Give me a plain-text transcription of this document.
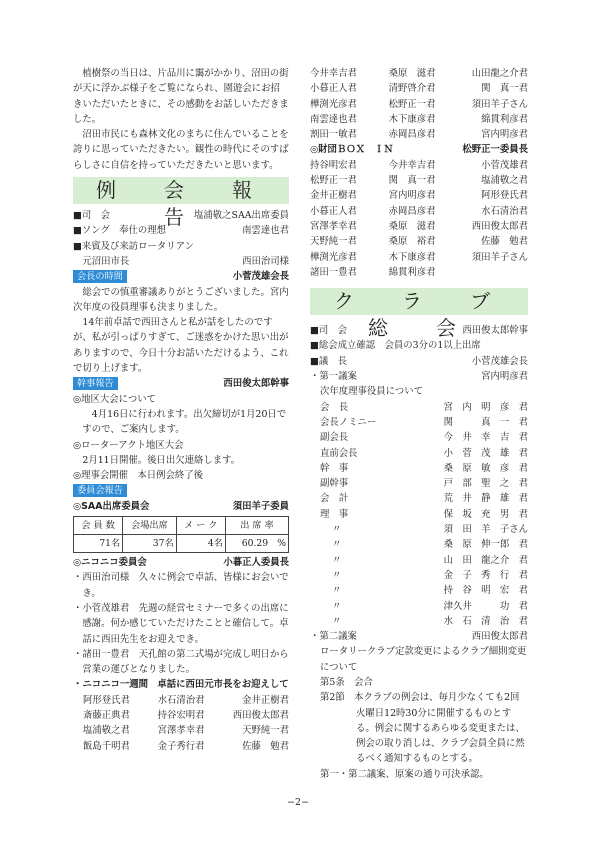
植樹祭の当日は、片品川に靄がかかり、沼田の街が天に浮かぶ様子をご覧になられ、園遊会にお招きいただいたときに、その感動をお話しいただきました。

沼田市民にも森林文化のまちに住んでいることを誇りに思っていただきたい。観性の時代にそのすばらしさに自信を持っていただきたいと思います。

例　会　報　告
■司　会	塩浦敬之SAA出席委員
■ソング　奉仕の理想	南雲達也君
■来賓及び来訪ロータリアン
　元沼田市長	西田治司様
会長の時間	小菅茂雄会長

総会での慎重審議ありがとうございました。宮内次年度の役員理事も決まりました。

14年前卓話で西田さんと私が話をしたのですが、私が引っぱりすぎて、ご迷惑をかけた思い出がありますので、今日十分お話いただけるよう、これで切り上げます。

幹事報告	西田俊太郎幹事
◎地区大会について
　4月16日に行われます。出欠締切が1月20日ですので、ご案内します。
◎ローターアクト地区大会
　2月11日開催。後日出欠連絡します。
◎理事会開催　本日例会終了後
委員会報告
◎SAA出席委員会	須田羊子委員
会 員 数	会場出席	メ ー ク	出 席 率
71名	37名	4名	60.29　%
◎ニコニコ委員会	小暮正人委員長
・西田治司様　久々に例会で卓話、皆様にお会いでき。
・小菅茂雄君　先週の経営セミナーで多くの出席に感謝。何か感じていただけたことと確信して。卓話に西田先生をお迎えでき。
・諸田一豊君　天孔館の第二式場が完成し明日から営業の運びとなりました。
・ニコニコ一週間　卓話に西田元市長をお迎えして
阿形登氏君	水石清治君	金井正樹君
斎藤正典君	持谷宏明君	西田俊太郎君
塩浦敬之君	宮澤孝幸君	天野純一君
飯島千明君	金子秀行君	佐藤　勉君
今井幸吉君	桑原　滋君	山田龍之介君
小暮正人君	清野啓介君	関　真一君
樺渕光彦君	松野正一君	須田羊子さん
南雲達也君	木下康彦君	綿貫利彦君
割田一敏君	赤岡昌彦君	宮内明彦君
◎財団ＢＯＸ　ＩＮ	松野正一委員長
持谷明宏君	今井幸吉君	小菅茂雄君
松野正一君	関　真一君	塩浦敬之君
金井正樹君	宮内明彦君	阿形登氏君
小暮正人君	赤岡昌彦君	水石清治君
宮澤孝幸君	桑原　滋君	西田俊太郎君
天野純一君	桑原　裕君	佐藤　勉君
樺渕光彦君	木下康彦君	須田羊子さん
諸田一豊君	綿貫利彦君
ク　ラ　ブ　総　会
■司　会	西田俊太郎幹事
■総会成立確認　会員の3分の1以上出席
■議　長	小菅茂雄会長
・第一議案	宮内明彦君
次年度理事役員について
会　長	宮　内　明　彦　君
会長ノミニー	関　　　真　一　君
副会長	今　井　幸　吉　君
直前会長	小　菅　茂　雄　君
幹　事	桑　原　敏　彦　君
副幹事	戸　部　聖　之　君
会　計	荒　井　静　雄　君
理　事	保　坂　充　男　君
〃	須　田　羊　子さん
〃	桑　原　伸一郎　君
〃	山　田　龍之介　君
〃	金　子　秀　行　君
〃	持　谷　明　宏　君
〃	津久井　　　功　君
〃	水　石　清　治　君
・第二議案	西田俊太郎君
ロータリークラブ定款変更によるクラブ細則変更について
第5条　会合
第2節　本クラブの例会は、毎月少なくても2回火曜日12時30分に開催するものとする。例会に関するあらゆる変更または、例会の取り消しは、クラブ会員全員に然るべく通知するものとする。
第一・第二議案、原案の通り可決承認。
−2−
